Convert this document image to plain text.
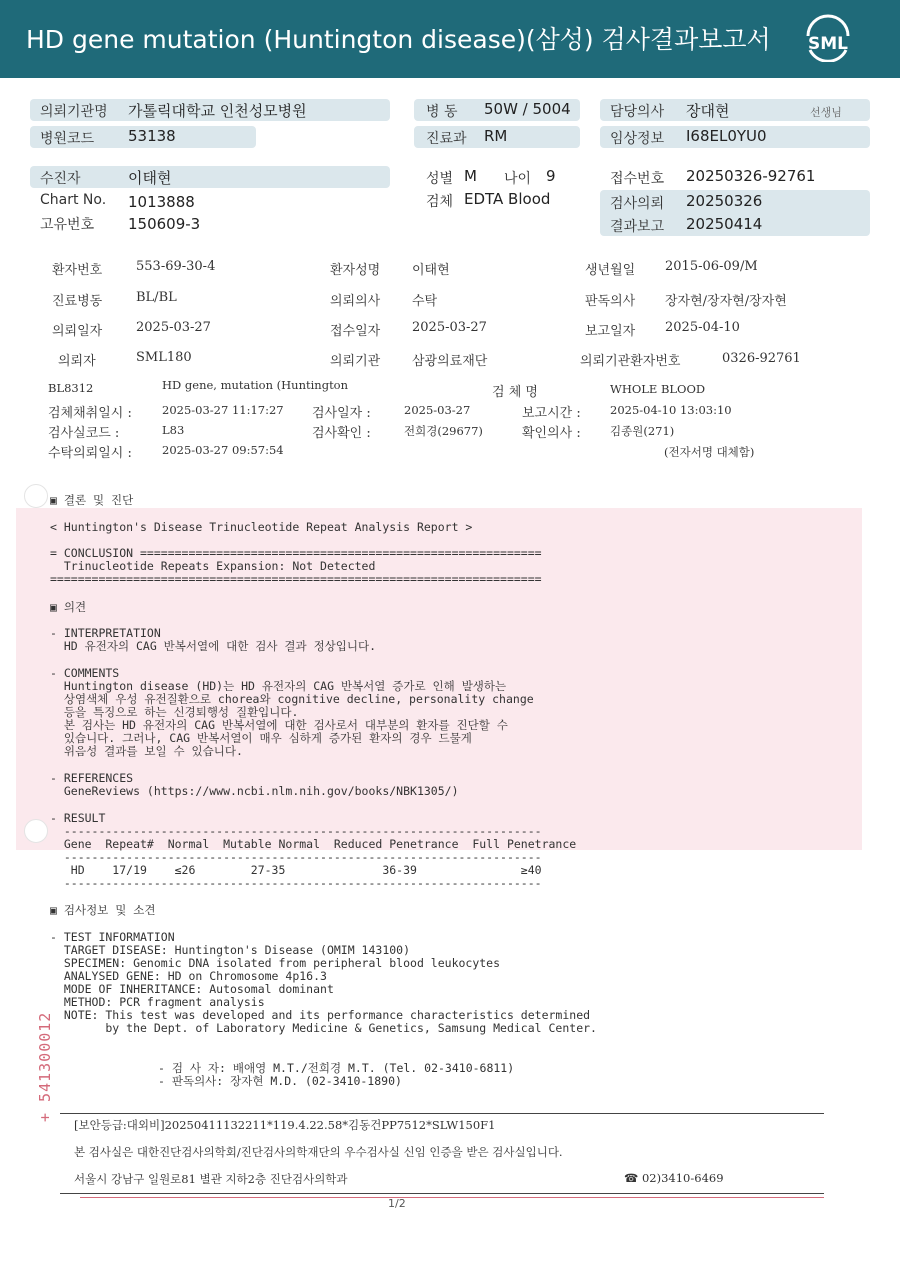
HD gene mutation (Huntington disease)(삼성) 검사결과보고서	SML
의뢰기관명 가톨릭대학교 인천성모병원
병원코드 53138
병 동 50W / 5004
진료과 RM
담당의사 장대현	선생님
임상정보 I68EL0YU0
수진자	이태현
Chart No. 1013888
고유번호 150609-3
성별 M 나이 9
검체 EDTA Blood
접수번호 20250326-92761
검사의뢰 20250326
결과보고 20250414
환자번호	553-69-30-4	환자성명 이태현	생년월일 2015-06-09/M
진료병동	BL/BL	의뢰의사 수탁	판독의사 장자현/장자현/장자현
의뢰일자	2025-03-27	접수일자 2025-03-27	보고일자 2025-04-10
의뢰자	SML180	의뢰기관 삼광의료재단	의뢰기관환자번호	0326-92761
BL8312	HD gene, mutation (Huntington	검 체 명	WHOLE BLOOD
검체채취일시 :	2025-03-27 11:17:27 검사일자 :	2025-03-27	보고시간 :	2025-04-10 13:03:10
검사실코드 :	L83	검사확인 :	전희경(29677)	확인의사 :	김종원(271)
수탁의뢰일시 :	2025-03-27 09:57:54	(전자서명 대체함)
▣ 결론 및 진단
< Huntington's Disease Trinucleotide Repeat Analysis Report >
= CONCLUSION ==========================================================
Trinucleotide Repeats Expansion: Not Detected
=======================================================================
▣ 의견
- INTERPRETATION
HD 유전자의 CAG 반복서열에 대한 검사 결과 정상입니다.
- COMMENTS
Huntington disease (HD)는 HD 유전자의 CAG 반복서열 증가로 인해 발생하는
상염색체 우성 유전질환으로 chorea와 cognitive decline, personality change
등을 특징으로 하는 신경퇴행성 질환입니다.
본 검사는 HD 유전자의 CAG 반복서열에 대한 검사로서 대부분의 환자를 진단할 수
있습니다. 그러나, CAG 반복서열이 매우 심하게 증가된 환자의 경우 드물게
위음성 결과를 보일 수 있습니다.
- REFERENCES
GeneReviews (https://www.ncbi.nlm.nih.gov/books/NBK1305/)
- RESULT
---------------------------------------------------------------------
Gene  Repeat#  Normal  Mutable Normal  Reduced Penetrance  Full Penetrance
---------------------------------------------------------------------
HD    17/19    ≤26        27-35              36-39               ≥40
---------------------------------------------------------------------
▣ 검사정보 및 소견
- TEST INFORMATION
TARGET DISEASE: Huntington's Disease (OMIM 143100)
SPECIMEN: Genomic DNA isolated from peripheral blood leukocytes
ANALYSED GENE: HD on Chromosome 4p16.3
MODE OF INHERITANCE: Autosomal dominant
METHOD: PCR fragment analysis
NOTE: This test was developed and its performance characteristics determined
by the Dept. of Laboratory Medicine & Genetics, Samsung Medical Center.
- 검 사 자: 배애영 M.T./전희경 M.T. (Tel. 02-3410-6811)
- 판독의사: 장자현 M.D. (02-3410-1890)
+ 541300012
[보안등급:대외비]20250411132211*119.4.22.58*김동건PP7512*SLW150F1
본 검사실은 대한진단검사의학회/진단검사의학재단의 우수검사실 신임 인증을 받은 검사실입니다.
서울시 강남구 일원로81 별관 지하2층 진단검사의학과	☎ 02)3410-6469
1/2
